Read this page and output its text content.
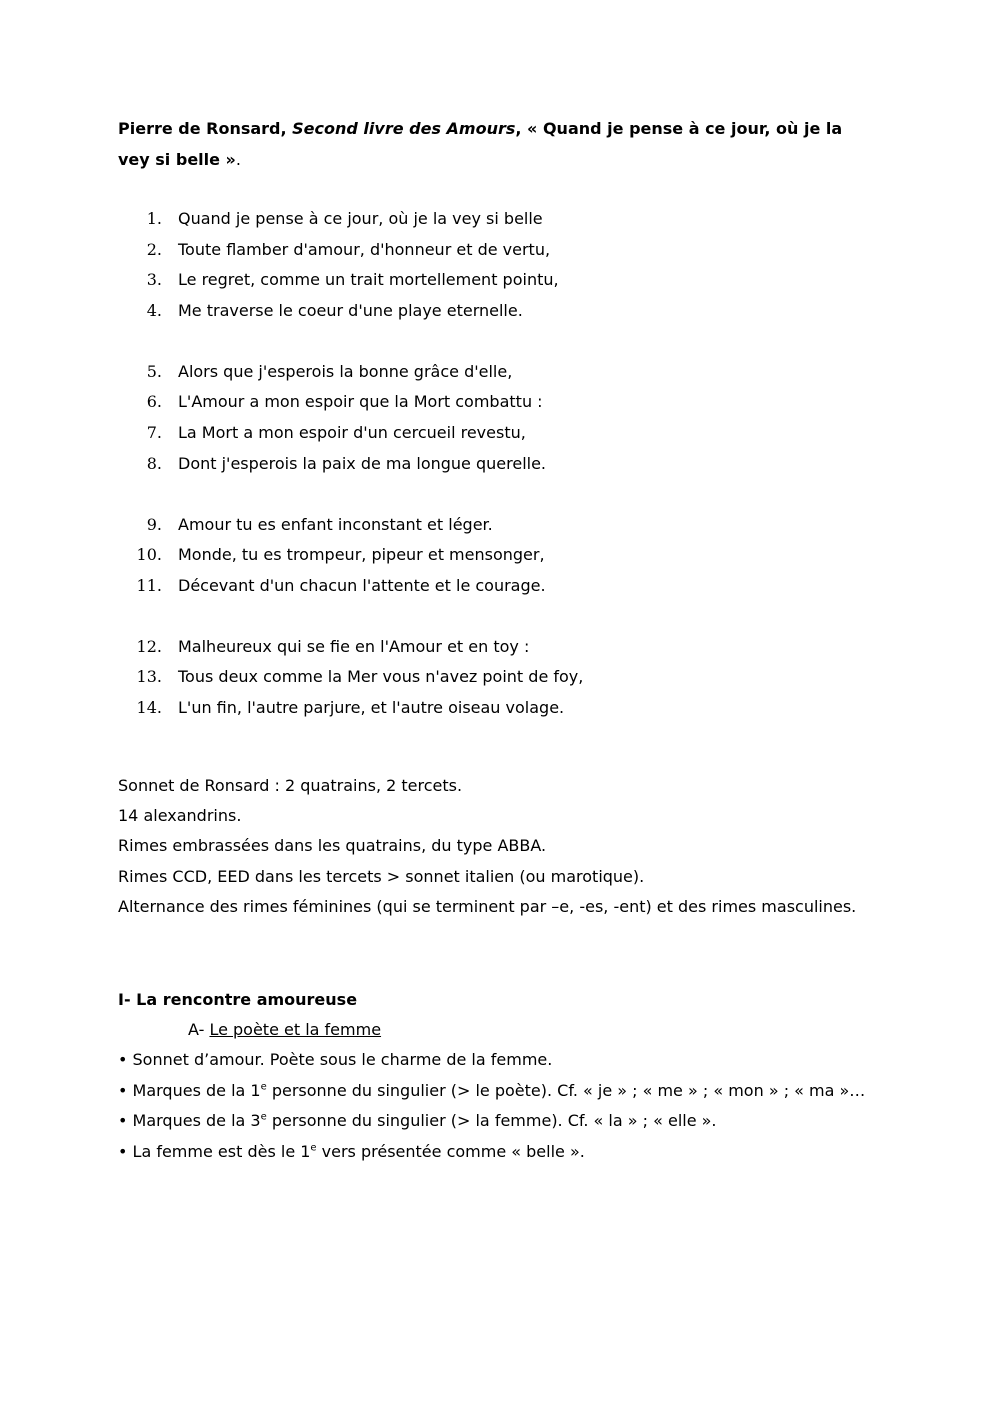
Pierre de Ronsard, Second livre des Amours, « Quand je pense à ce jour, où je la vey si belle ».

1.	Quand je pense à ce jour, où je la vey si belle
2.	Toute flamber d'amour, d'honneur et de vertu,
3.	Le regret, comme un trait mortellement pointu,
4.	Me traverse le coeur d'une playe eternelle.
5.	Alors que j'esperois la bonne grâce d'elle,
6.	L'Amour a mon espoir que la Mort combattu :
7.	La Mort a mon espoir d'un cercueil revestu,
8.	Dont j'esperois la paix de ma longue querelle.
9.	Amour tu es enfant inconstant et léger.
10.	Monde, tu es trompeur, pipeur et mensonger,
11.	Décevant d'un chacun l'attente et le courage.
12.	Malheureux qui se fie en l'Amour et en toy :
13.	Tous deux comme la Mer vous n'avez point de foy,
14.	L'un fin, l'autre parjure, et l'autre oiseau volage.

Sonnet de Ronsard : 2 quatrains, 2 tercets.

14 alexandrins.

Rimes embrassées dans les quatrains, du type ABBA.

Rimes CCD, EED dans les tercets > sonnet italien (ou marotique).

Alternance des rimes féminines (qui se terminent par –e, -es, -ent) et des rimes masculines.

I- La rencontre amoureuse

A- Le poète et la femme

• Sonnet d’amour. Poète sous le charme de la femme.

• Marques de la 1e personne du singulier (> le poète). Cf. « je » ; « me » ; « mon » ; « ma »…

• Marques de la 3e personne du singulier (> la femme). Cf. « la » ; « elle ».

• La femme est dès le 1e vers présentée comme « belle ».
